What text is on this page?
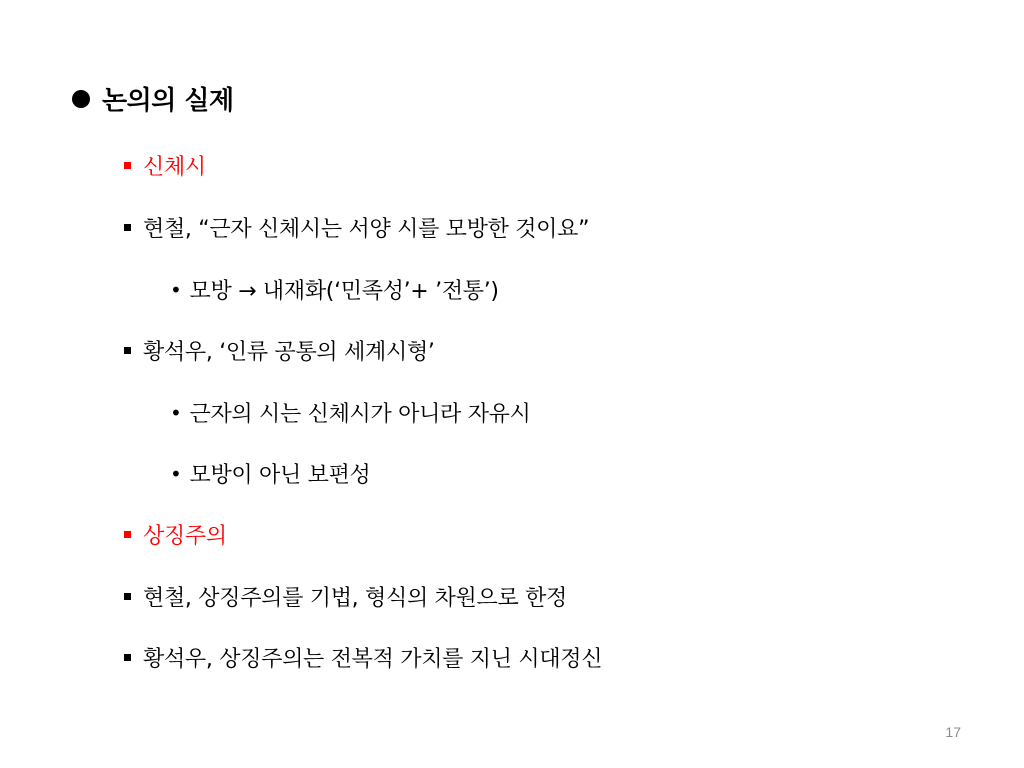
논의의 실제
신체시
현철, “근자 신체시는 서양 시를 모방한 것이요”
• 모방 → 내재화(‘민족성’+ ’전통’)
황석우, ‘인류 공통의 세계시형’
• 근자의 시는 신체시가 아니라 자유시
• 모방이 아닌 보편성
상징주의
현철, 상징주의를 기법, 형식의 차원으로 한정
황석우, 상징주의는 전복적 가치를 지닌 시대정신
17
